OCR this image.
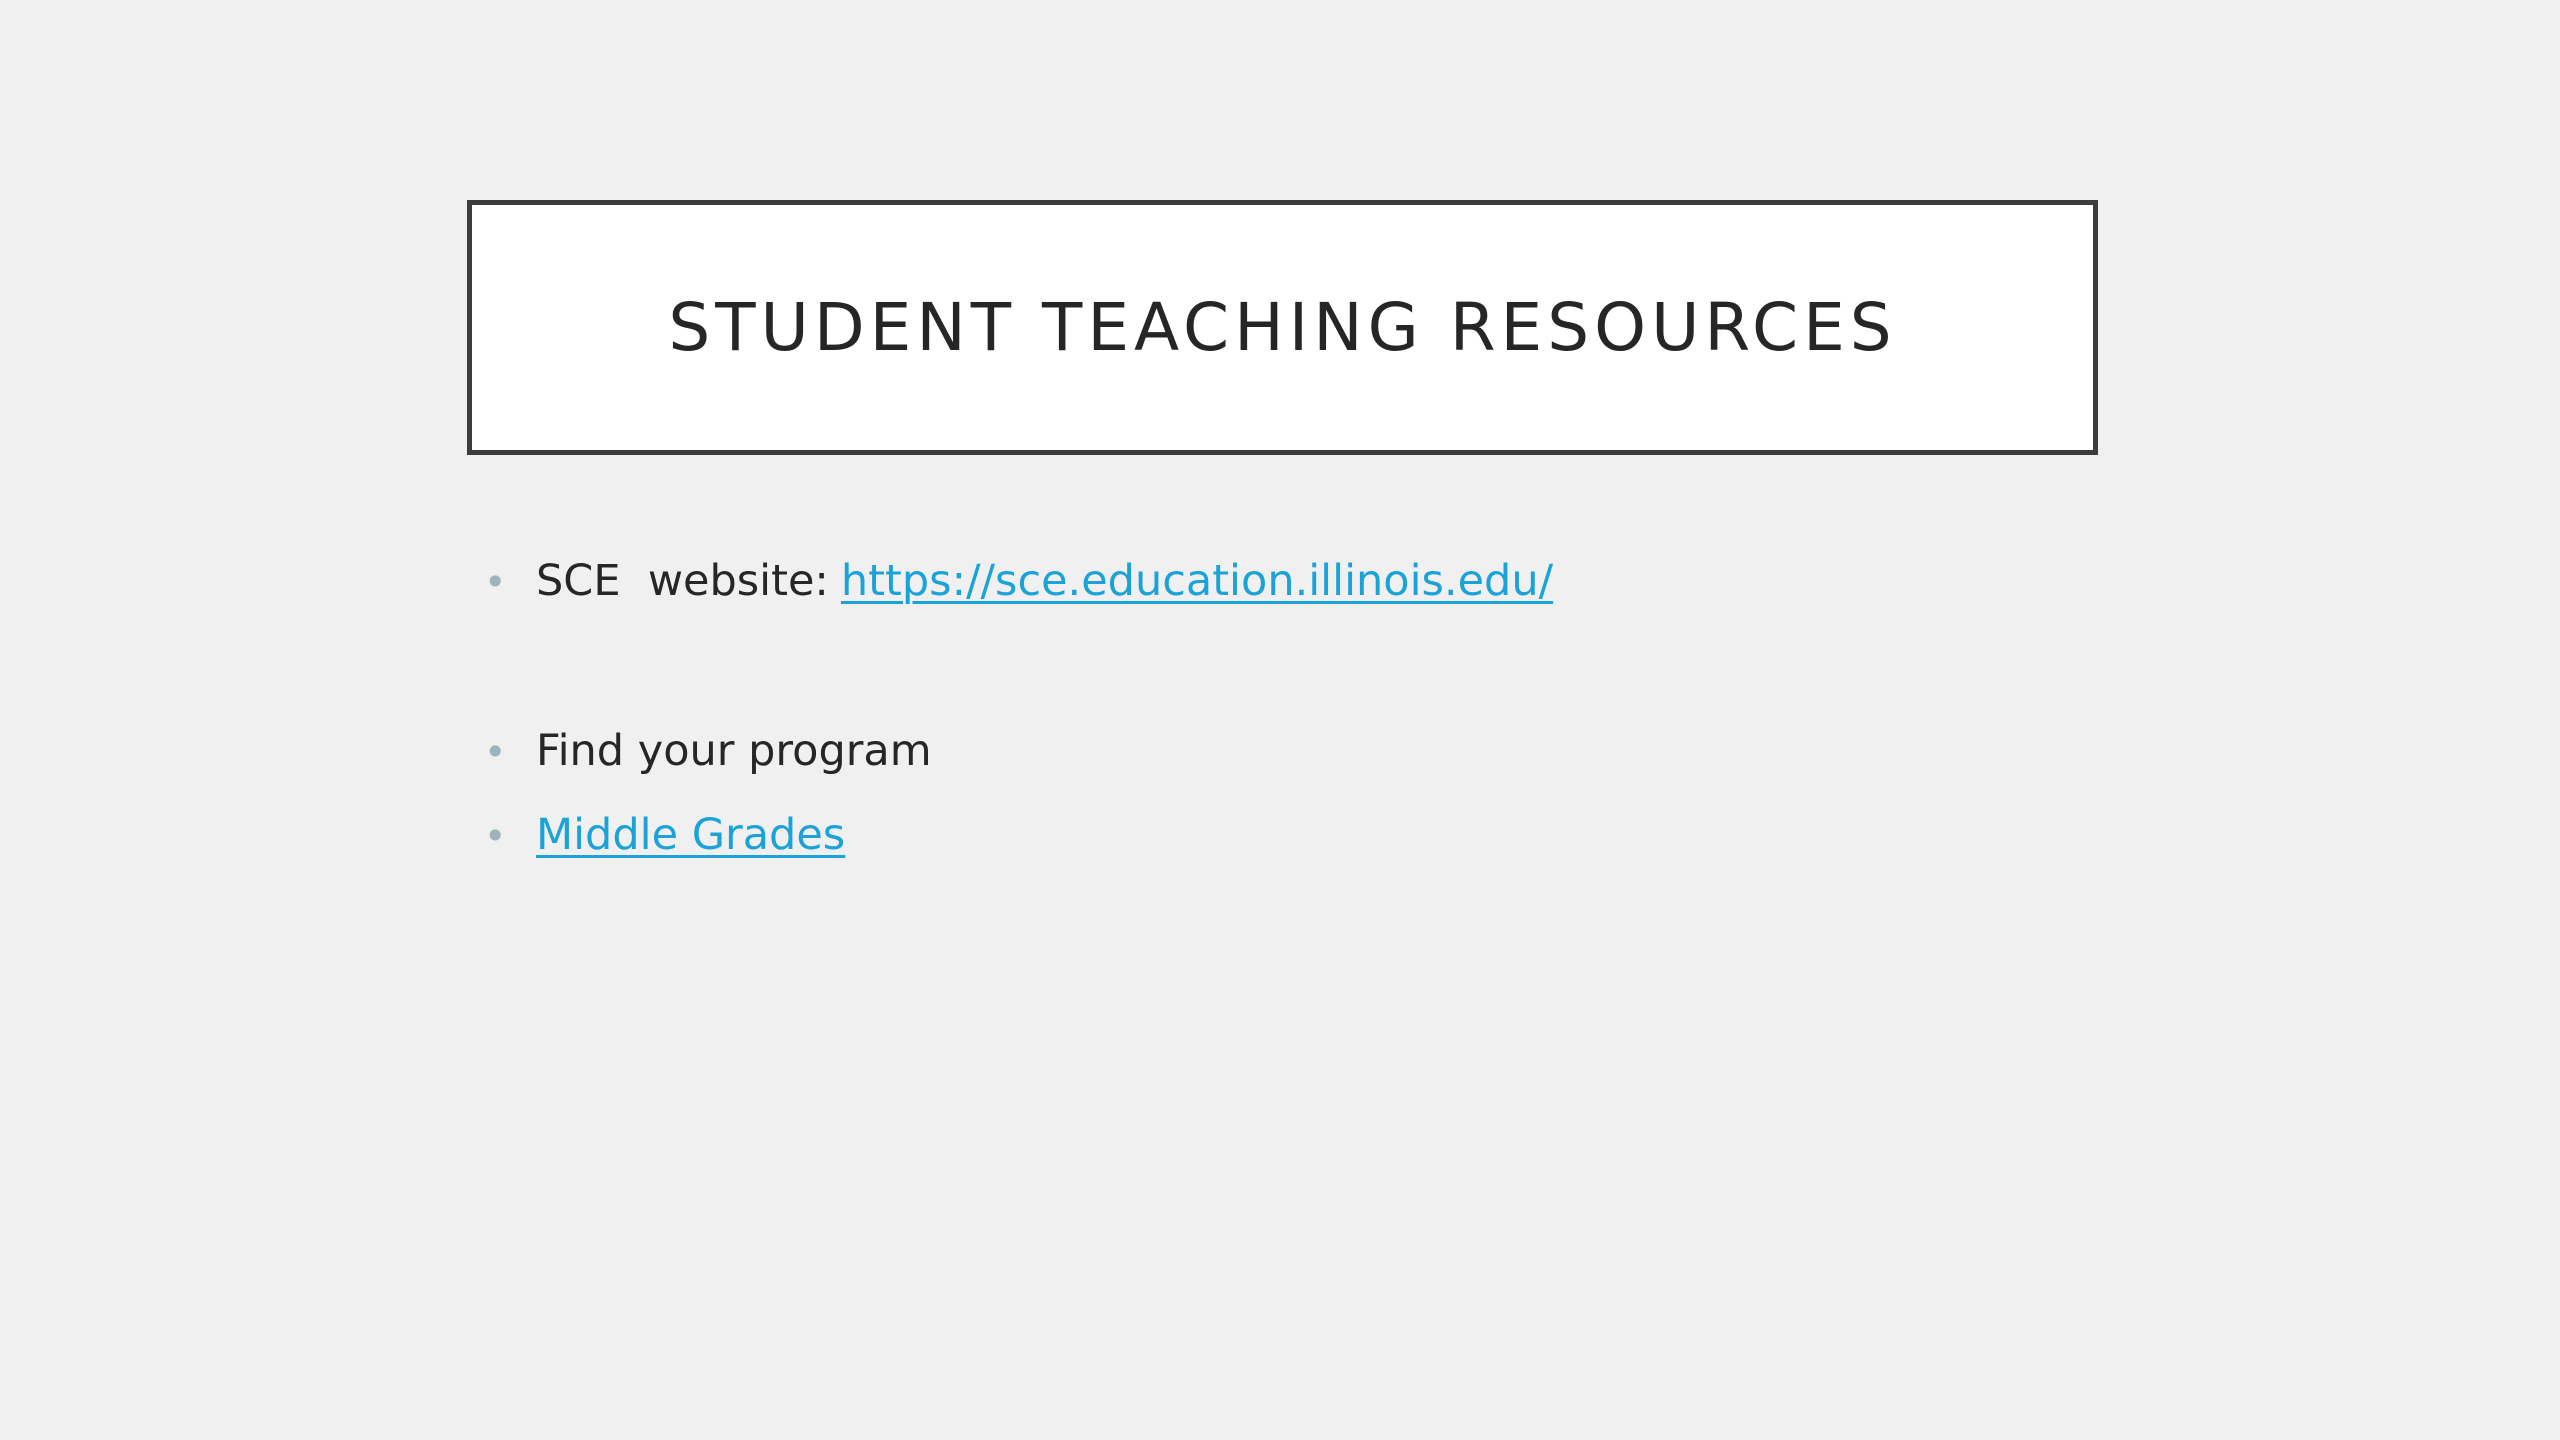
STUDENT TEACHING RESOURCES
• SCE  website: https://sce.education.illinois.edu/
• Find your program
• Middle Grades
